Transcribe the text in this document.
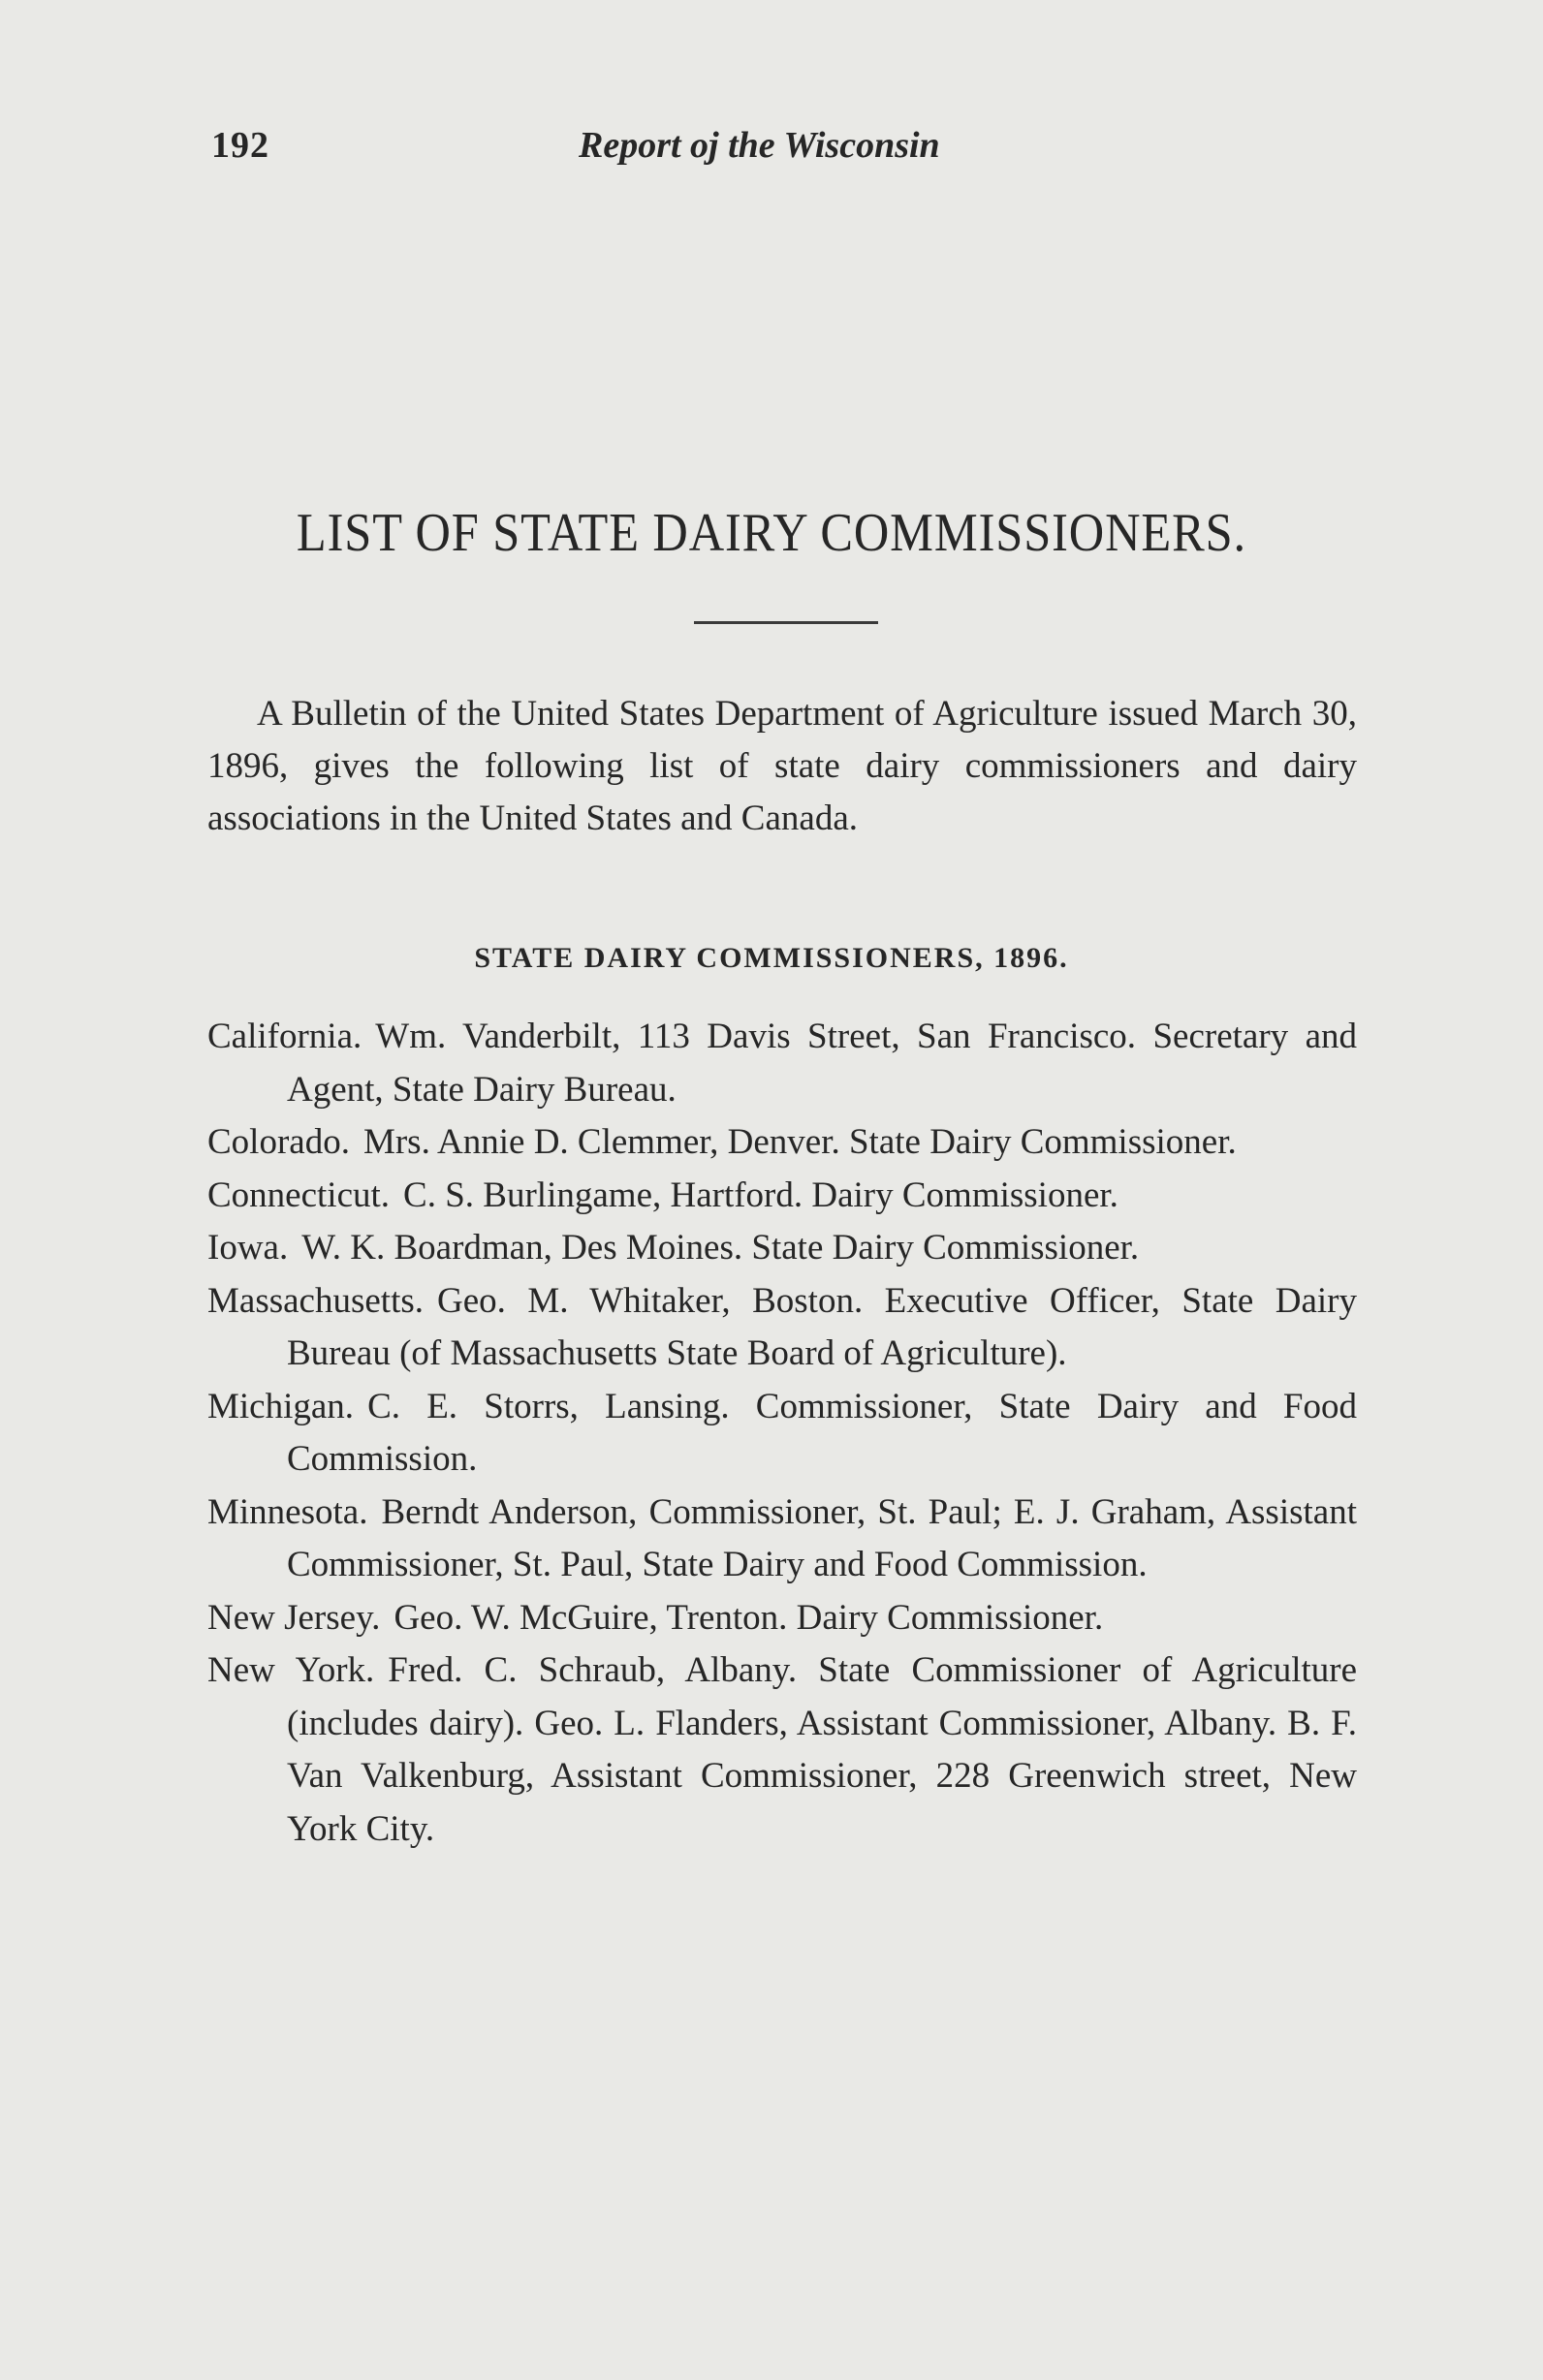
192	Report oj the Wisconsin
LIST OF STATE DAIRY COMMISSIONERS.

A Bulletin of the United States Department of Agriculture issued March 30, 1896, gives the following list of state dairy commissioners and dairy associations in the United States and Canada.

STATE DAIRY COMMISSIONERS, 1896.
California. Wm. Vanderbilt, 113 Davis Street, San Francisco. Secretary and Agent, State Dairy Bureau.
Colorado. Mrs. Annie D. Clemmer, Denver. State Dairy Commissioner.
Connecticut. C. S. Burlingame, Hartford. Dairy Commissioner.
Iowa. W. K. Boardman, Des Moines. State Dairy Commissioner.
Massachusetts. Geo. M. Whitaker, Boston. Executive Officer, State Dairy Bureau (of Massachusetts State Board of Agriculture).
Michigan. C. E. Storrs, Lansing. Commissioner, State Dairy and Food Commission.
Minnesota. Berndt Anderson, Commissioner, St. Paul; E. J. Graham, Assistant Commissioner, St. Paul, State Dairy and Food Commission.
New Jersey. Geo. W. McGuire, Trenton. Dairy Commissioner.
New York. Fred. C. Schraub, Albany. State Commissioner of Agriculture (includes dairy). Geo. L. Flanders, Assistant Commissioner, Albany. B. F. Van Valkenburg, Assistant Commissioner, 228 Greenwich street, New York City.
